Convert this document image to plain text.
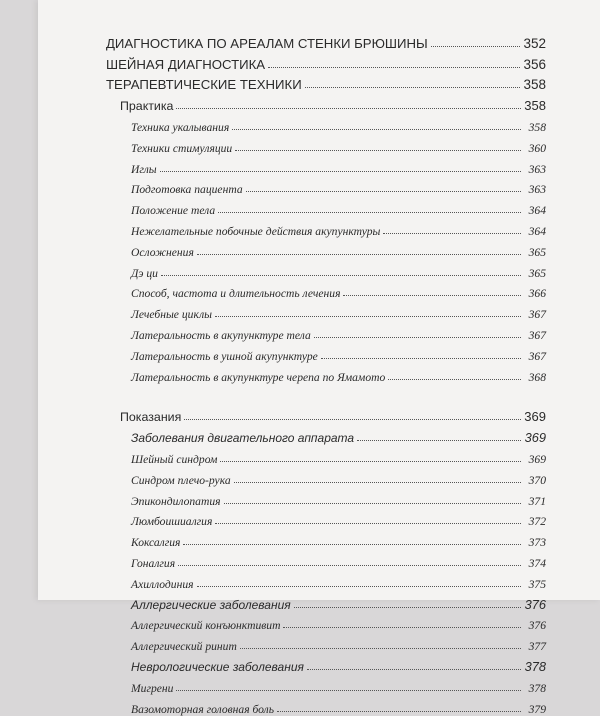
ДИАГНОСТИКА ПО АРЕАЛАМ СТЕНКИ БРЮШИНЫ	352
ШЕЙНАЯ ДИАГНОСТИКА	356
ТЕРАПЕВТИЧЕСКИЕ ТЕХНИКИ	358
Практика	358
Техника укалывания	358
Техники стимуляции	360
Иглы	363
Подготовка пациента	363
Положение тела	364
Нежелательные побочные действия акупунктуры	364
Осложнения	365
Дэ ци	365
Способ, частота и длительность лечения	366
Лечебные циклы	367
Латеральность в акупунктуре тела	367
Латеральность в ушной акупунктуре	367
Латеральность в акупунктуре черепа по Ямамото	368
Показания	369
Заболевания двигательного аппарата	369
Шейный синдром	369
Синдром плечо-рука	370
Эпикондилопатия	371
Люмбоишиалгия	372
Коксалгия	373
Гоналгия	374
Ахиллодиния	375
Аллергические заболевания	376
Аллергический конъюнктивит	376
Аллергический ринит	377
Неврологические заболевания	378
Мигрени	378
Вазомоторная головная боль	379
